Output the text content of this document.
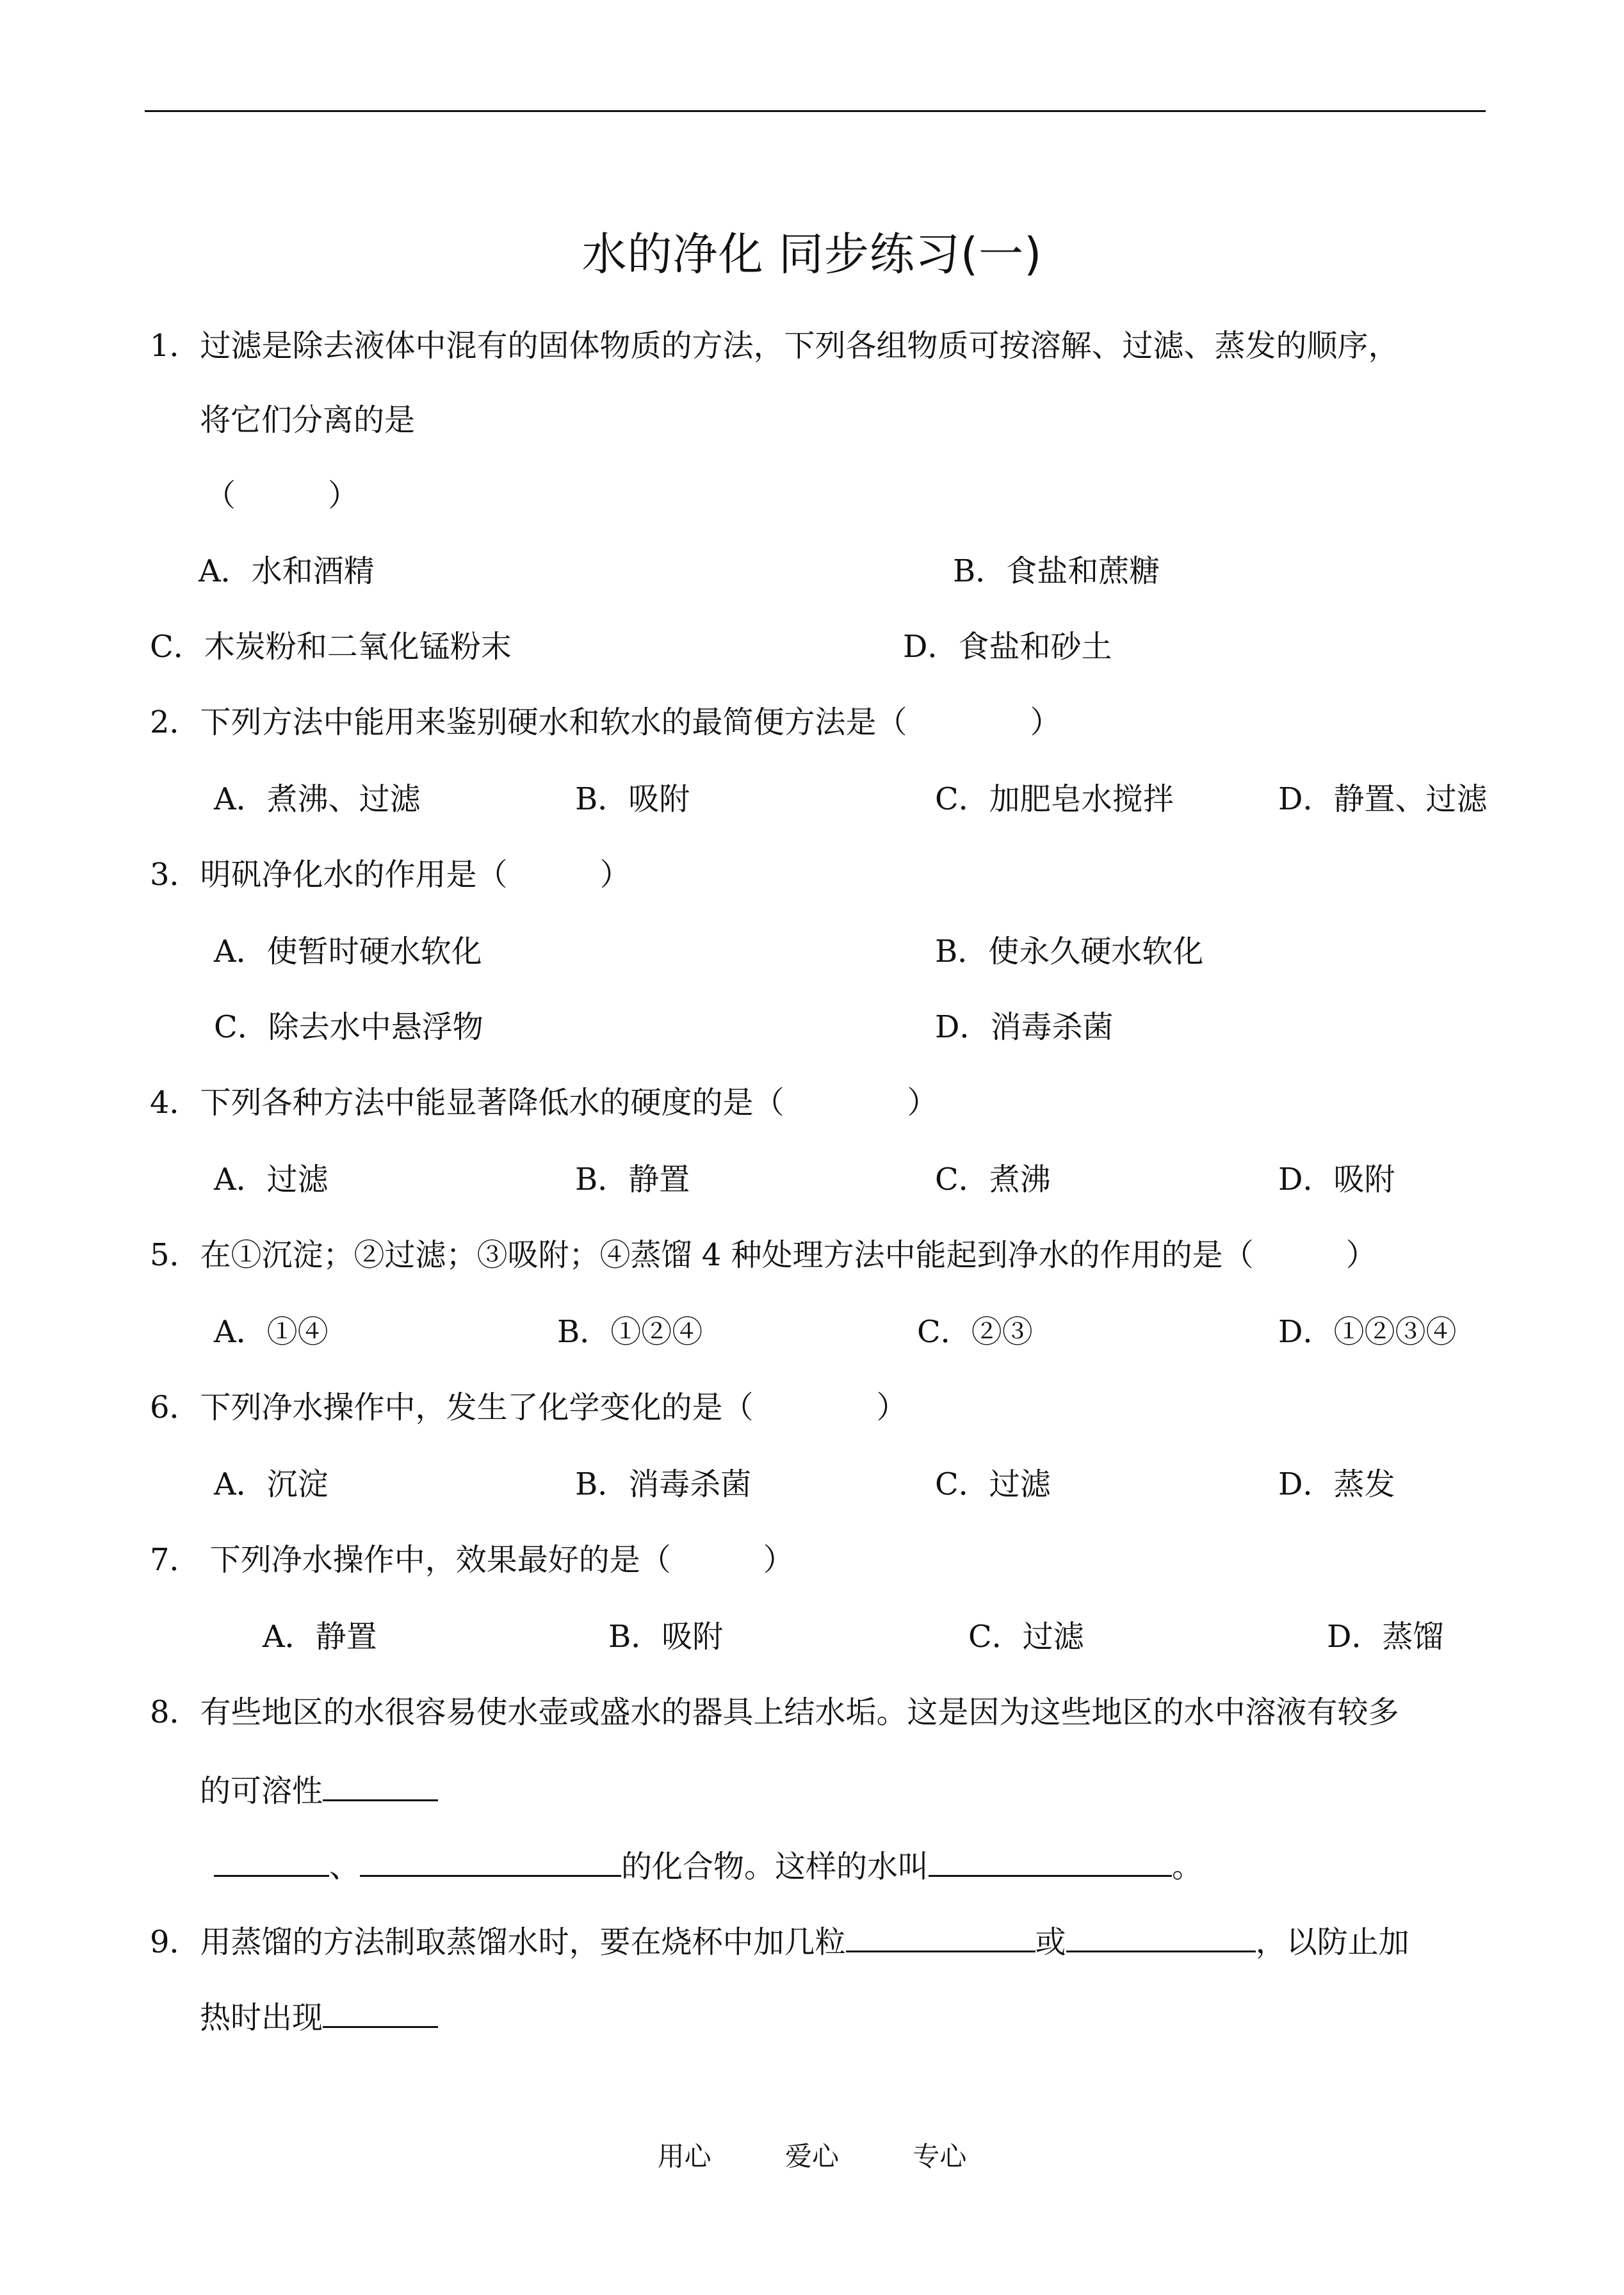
水的净化 同步练习(一)
1．过滤是除去液体中混有的固体物质的方法，下列各组物质可按溶解、过滤、蒸发的顺序，
将它们分离的是
（　　　）
A．水和酒精	B．食盐和蔗糖
C．木炭粉和二氧化锰粉末	D．食盐和砂土
2．下列方法中能用来鉴别硬水和软水的最简便方法是（　　　　）
A．煮沸、过滤	B．吸附	C．加肥皂水搅拌	D．静置、过滤
3．明矾净化水的作用是（　　　）
A．使暂时硬水软化	B．使永久硬水软化
C．除去水中悬浮物	D．消毒杀菌
4．下列各种方法中能显著降低水的硬度的是（　　　　）
A．过滤	B．静置	C．煮沸	D．吸附
5．在①沉淀；②过滤；③吸附；④蒸馏 4 种处理方法中能起到净水的作用的是（　　　）
A．①④	B．①②④	C．②③	D．①②③④
6．下列净水操作中，发生了化学变化的是（　　　　）
A．沉淀	B．消毒杀菌	C．过滤	D．蒸发
7． 下列净水操作中，效果最好的是（　　　）
A．静置	B．吸附	C．过滤	D．蒸馏
8．有些地区的水很容易使水壶或盛水的器具上结水垢。这是因为这些地区的水中溶液有较多
的可溶性
、	的化合物。这样的水叫	。
9．用蒸馏的方法制取蒸馏水时，要在烧杯中加几粒	或	，以防止加
热时出现
用心	爱心	专心
